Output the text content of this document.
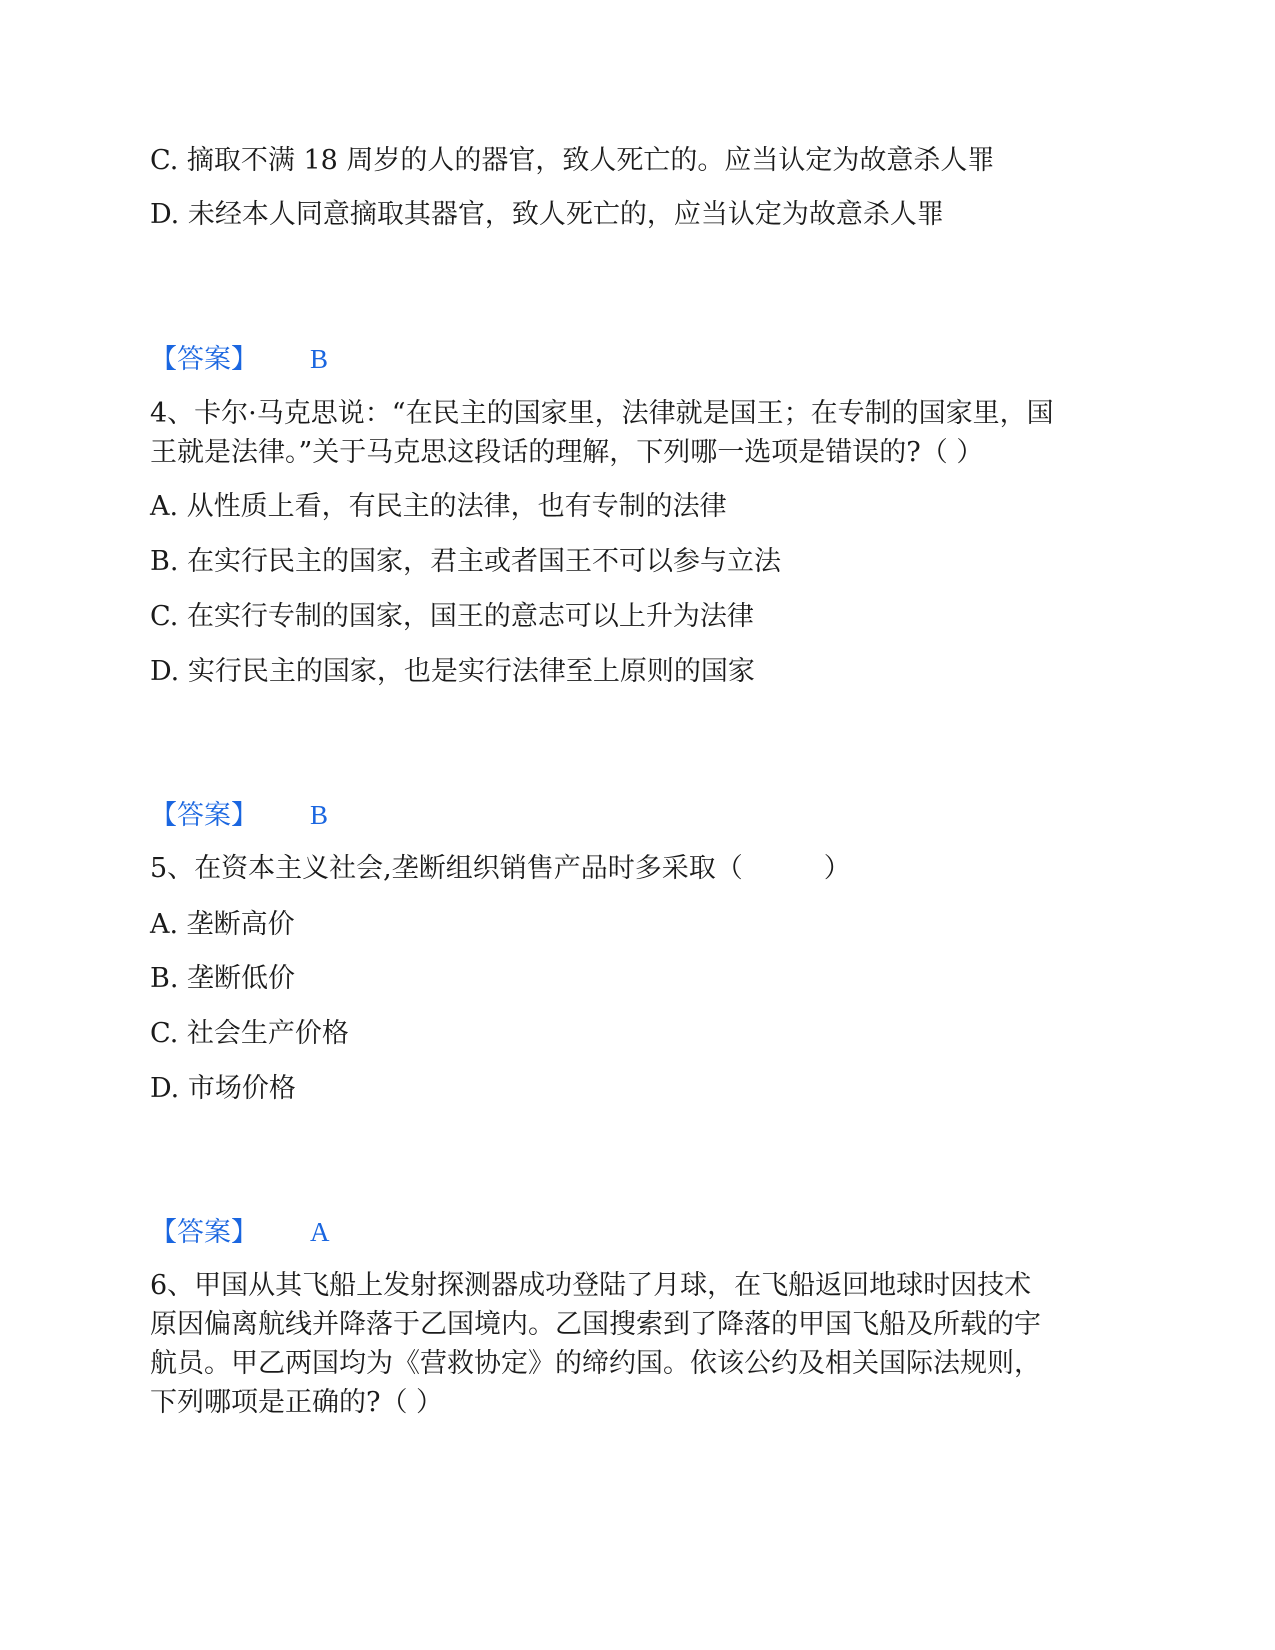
C. 摘取不满 18 周岁的人的器官，致人死亡的。应当认定为故意杀人罪
D. 未经本人同意摘取其器官，致人死亡的，应当认定为故意杀人罪
【答案】 B
4、卡尔·马克思说：“在民主的国家里，法律就是国王；在专制的国家里，国
王就是法律。”关于马克思这段话的理解，下列哪一选项是错误的?（ ）
A. 从性质上看，有民主的法律，也有专制的法律
B. 在实行民主的国家，君主或者国王不可以参与立法
C. 在实行专制的国家，国王的意志可以上升为法律
D. 实行民主的国家，也是实行法律至上原则的国家
【答案】 B
5、在资本主义社会,垄断组织销售产品时多采取（　　　）
A. 垄断高价
B. 垄断低价
C. 社会生产价格
D. 市场价格
【答案】 A
6、甲国从其飞船上发射探测器成功登陆了月球，在飞船返回地球时因技术
原因偏离航线并降落于乙国境内。乙国搜索到了降落的甲国飞船及所载的宇
航员。甲乙两国均为《营救协定》的缔约国。依该公约及相关国际法规则，
下列哪项是正确的?（ ）
